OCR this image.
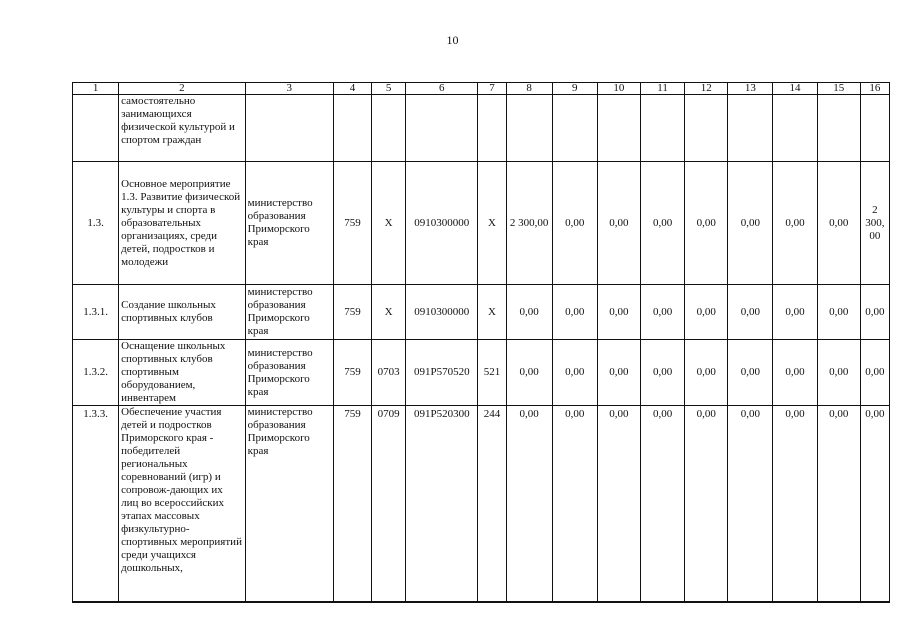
10
1	2	3	4	5	6	7	8	9	10	11	12	13	14	15	16
	самостоятельно занимающихся физической культурой и спортом граждан														
1.3.	Основное мероприятие 1.3. Развитие физической культуры и спорта в образовательных организациях, среди детей, подростков и молодежи	министерство образования Приморского края	759	X	0910300000	X	2 300,00	0,00	0,00	0,00	0,00	0,00	0,00	0,00	2 300,00
1.3.1.	Создание школьных спортивных клубов	министерство образования Приморского края	759	X	0910300000	X	0,00	0,00	0,00	0,00	0,00	0,00	0,00	0,00	0,00
1.3.2.	Оснащение школьных спортивных клубов спортивным оборудованием, инвентарем	министерство образования Приморского края	759	0703	091P570520	521	0,00	0,00	0,00	0,00	0,00	0,00	0,00	0,00	0,00
1.3.3.	Обеспечение участия детей и подростков Приморского края - победителей региональных соревнований (игр) и сопровож-дающих их лиц во всероссийских этапах массовых физкультурно-спортивных мероприятий среди учащихся дошкольных,	министерство образования Приморского края	759	0709	091P520300	244	0,00	0,00	0,00	0,00	0,00	0,00	0,00	0,00	0,00
